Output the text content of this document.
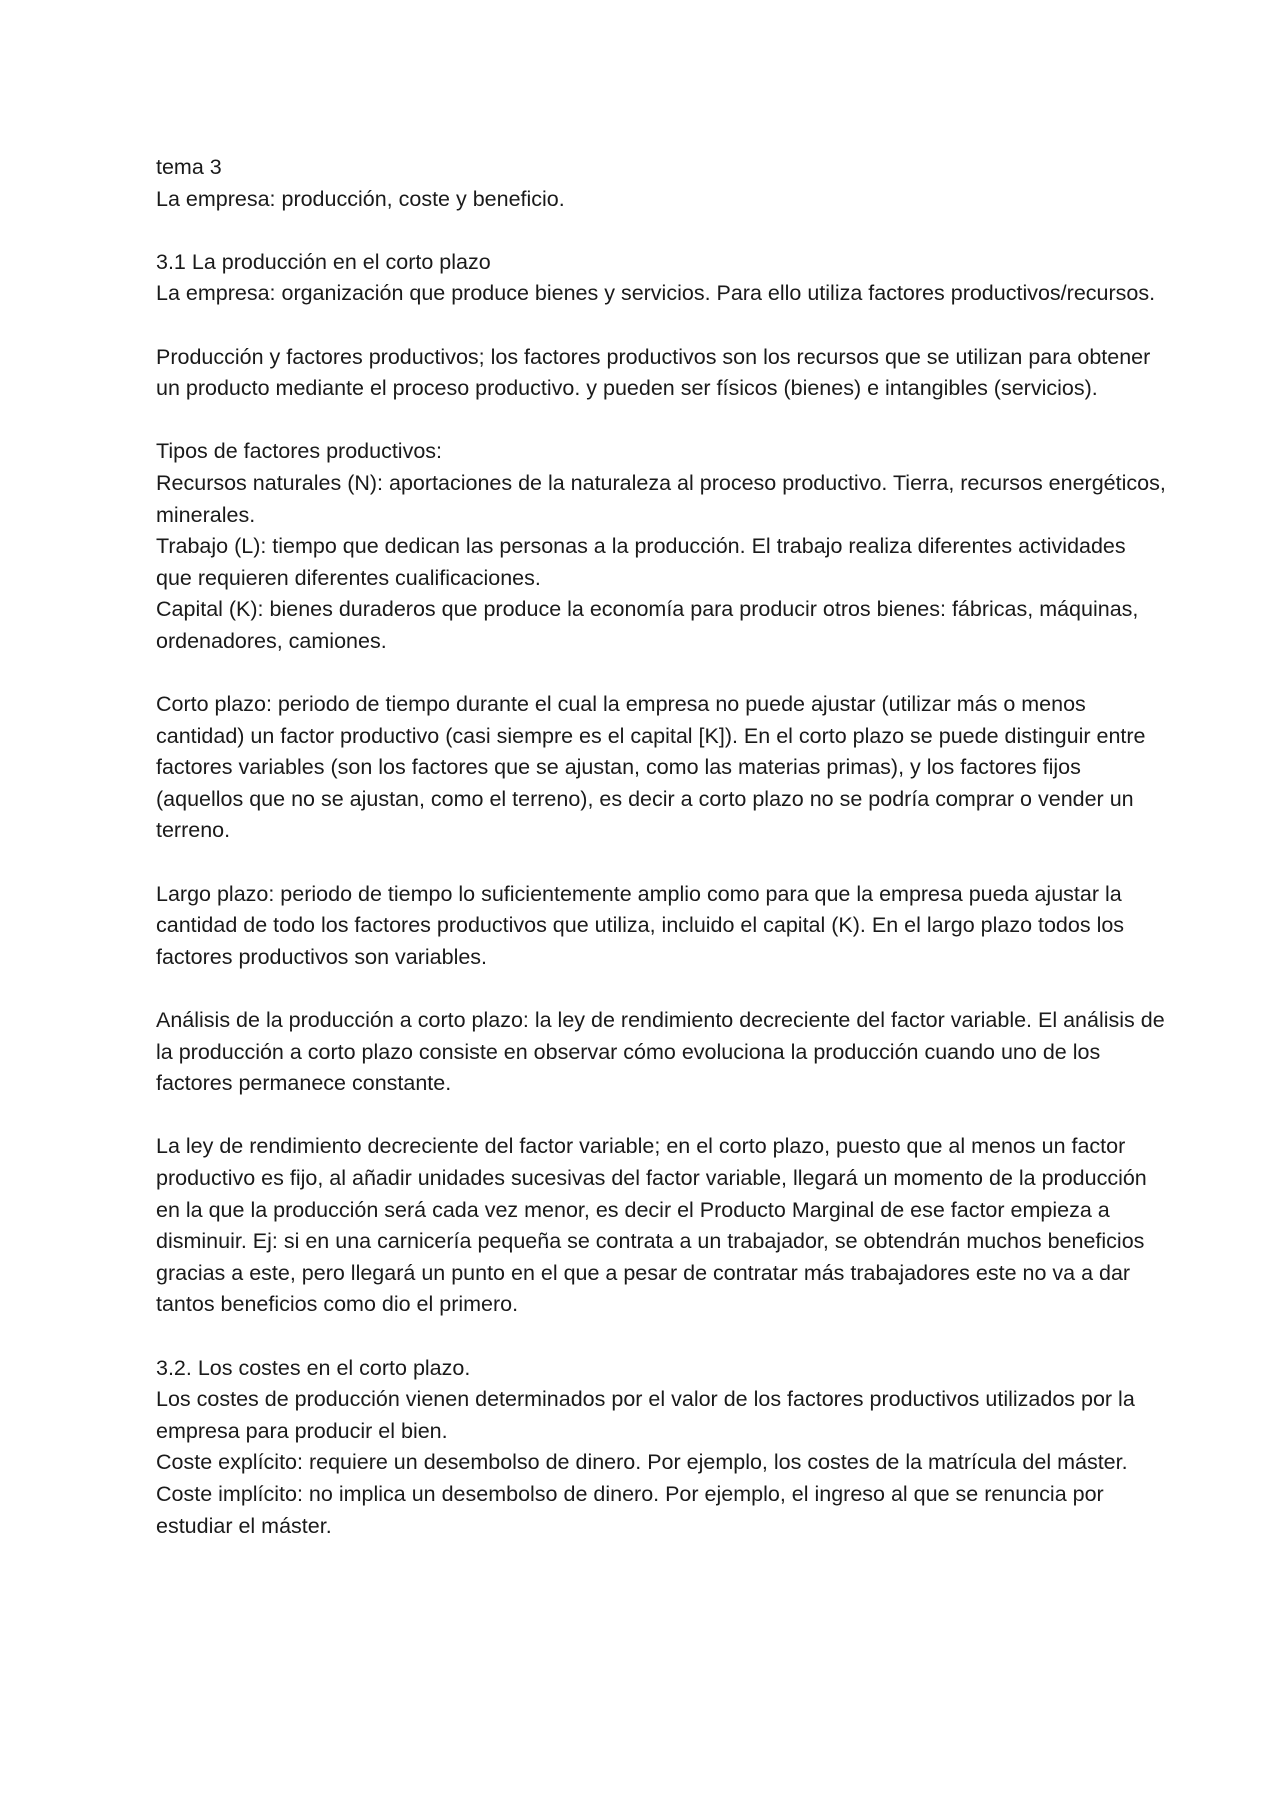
tema 3

La empresa: producción, coste y beneficio.

3.1 La producción en el corto plazo

La empresa: organización que produce bienes y servicios. Para ello utiliza factores productivos/recursos.

Producción y factores productivos; los factores productivos son los recursos que se utilizan para obtener un producto mediante el proceso productivo. y pueden ser físicos (bienes) e intangibles (servicios).

Tipos de factores productivos:

Recursos naturales (N): aportaciones de la naturaleza al proceso productivo. Tierra, recursos energéticos, minerales.

Trabajo (L): tiempo que dedican las personas a la producción. El trabajo realiza diferentes actividades que requieren diferentes cualificaciones.

Capital (K): bienes duraderos que produce la economía para producir otros bienes: fábricas, máquinas, ordenadores, camiones.

Corto plazo: periodo de tiempo durante el cual la empresa no puede ajustar (utilizar más o menos cantidad) un factor productivo (casi siempre es el capital [K]). En el corto plazo se puede distinguir entre factores variables (son los factores que se ajustan, como las materias primas), y los factores fijos (aquellos que no se ajustan, como el terreno), es decir a corto plazo no se podría comprar o vender un terreno.

Largo plazo: periodo de tiempo lo suficientemente amplio como para que la empresa pueda ajustar la cantidad de todo los factores productivos que utiliza, incluido el capital (K). En el largo plazo todos los factores productivos son variables.

Análisis de la producción a corto plazo: la ley de rendimiento decreciente del factor variable. El análisis de la producción a corto plazo consiste en observar cómo evoluciona la producción cuando uno de los factores permanece constante.

La ley de rendimiento decreciente del factor variable; en el corto plazo, puesto que al menos un factor productivo es fijo, al añadir unidades sucesivas del factor variable, llegará un momento de la producción en la que la producción será cada vez menor, es decir el Producto Marginal de ese factor empieza a disminuir. Ej: si en una carnicería pequeña se contrata a un trabajador, se obtendrán muchos beneficios gracias a este, pero llegará un punto en el que a pesar de contratar más trabajadores este no va a dar tantos beneficios como dio el primero.

3.2. Los costes en el corto plazo.

Los costes de producción vienen determinados por el valor de los factores productivos utilizados por la empresa para producir el bien.

Coste explícito: requiere un desembolso de dinero. Por ejemplo, los costes de la matrícula del máster.

Coste implícito: no implica un desembolso de dinero. Por ejemplo, el ingreso al que se renuncia por estudiar el máster.
